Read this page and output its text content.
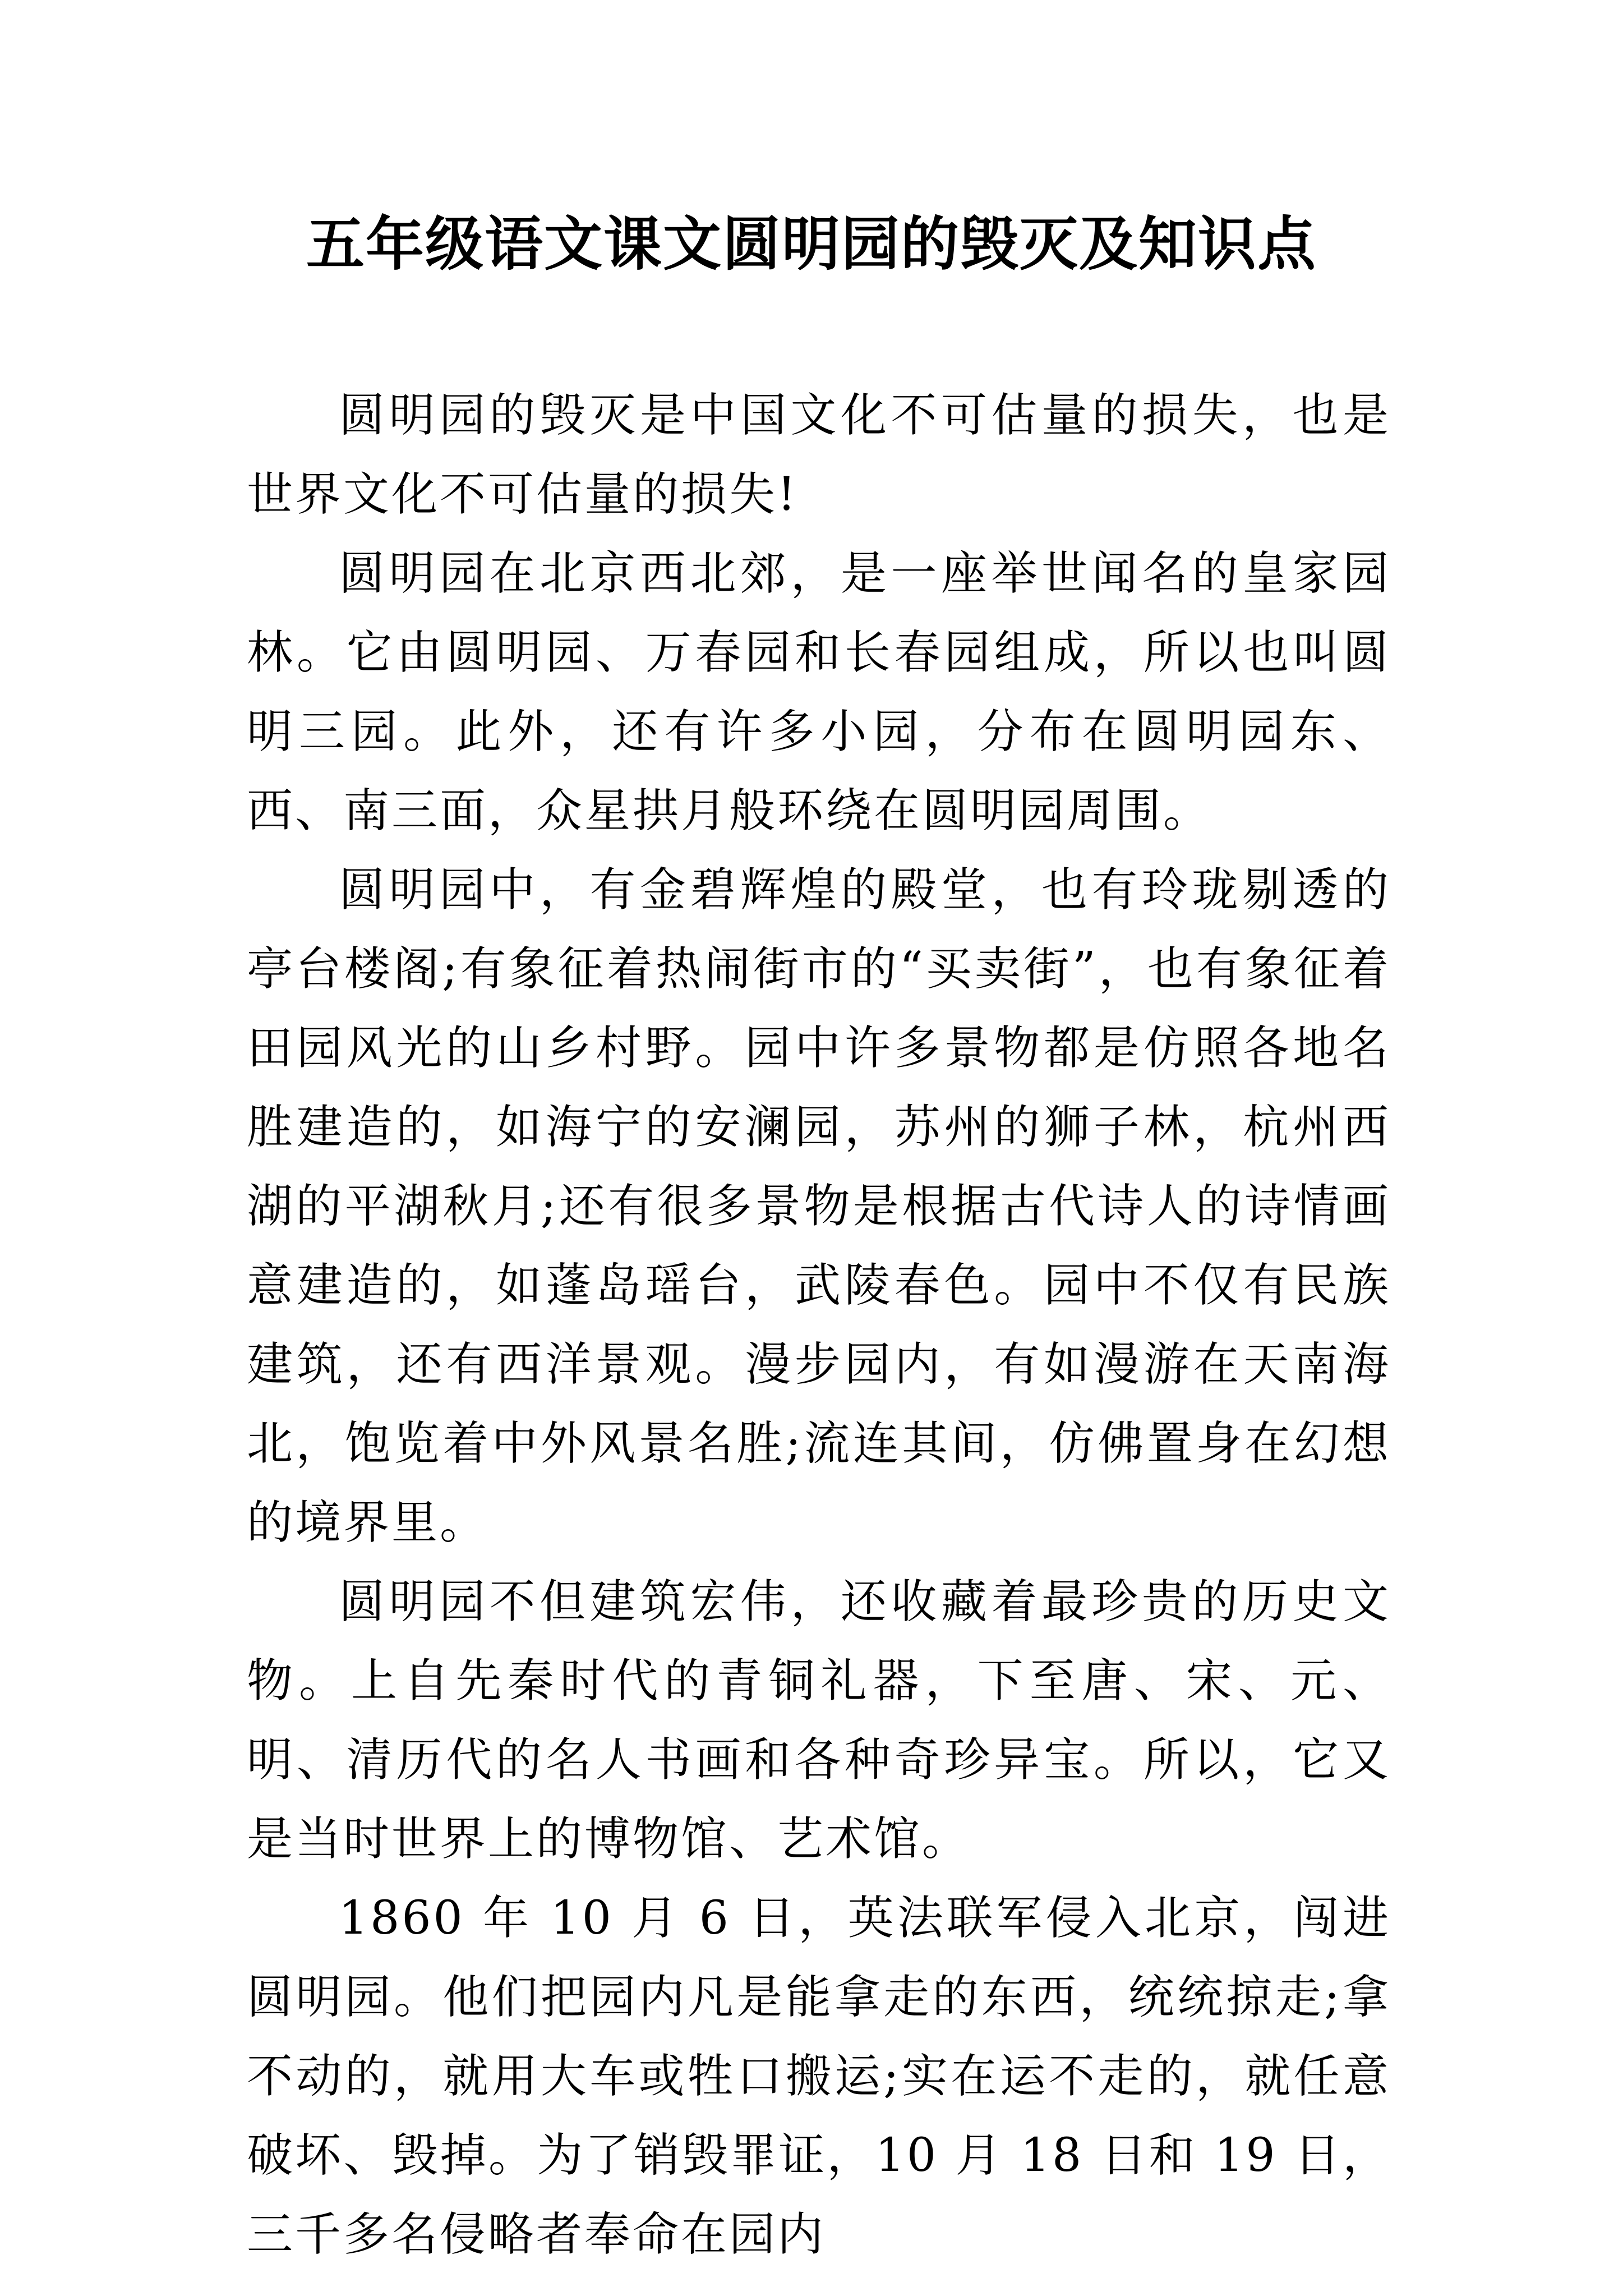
五年级语文课文圆明园的毁灭及知识点

圆明园的毁灭是中国文化不可估量的损失，也是世界文化不可估量的损失!

圆明园在北京西北郊，是一座举世闻名的皇家园林。它由圆明园、万春园和长春园组成，所以也叫圆明三园。此外，还有许多小园，分布在圆明园东、西、南三面，众星拱月般环绕在圆明园周围。

圆明园中，有金碧辉煌的殿堂，也有玲珑剔透的亭台楼阁;有象征着热闹街市的“买卖街”，也有象征着田园风光的山乡村野。园中许多景物都是仿照各地名胜建造的，如海宁的安澜园，苏州的狮子林，杭州西湖的平湖秋月;还有很多景物是根据古代诗人的诗情画意建造的，如蓬岛瑶台，武陵春色。园中不仅有民族建筑，还有西洋景观。漫步园内，有如漫游在天南海北，饱览着中外风景名胜;流连其间，仿佛置身在幻想的境界里。

圆明园不但建筑宏伟，还收藏着最珍贵的历史文物。上自先秦时代的青铜礼器，下至唐、宋、元、明、清历代的名人书画和各种奇珍异宝。所以，它又是当时世界上的博物馆、艺术馆。

1860 年 10 月 6 日，英法联军侵入北京，闯进圆明园。他们把园内凡是能拿走的东西，统统掠走;拿不动的，就用大车或牲口搬运;实在运不走的，就任意破坏、毁掉。为了销毁罪证，10 月 18 日和 19 日，三千多名侵略者奉命在园内
